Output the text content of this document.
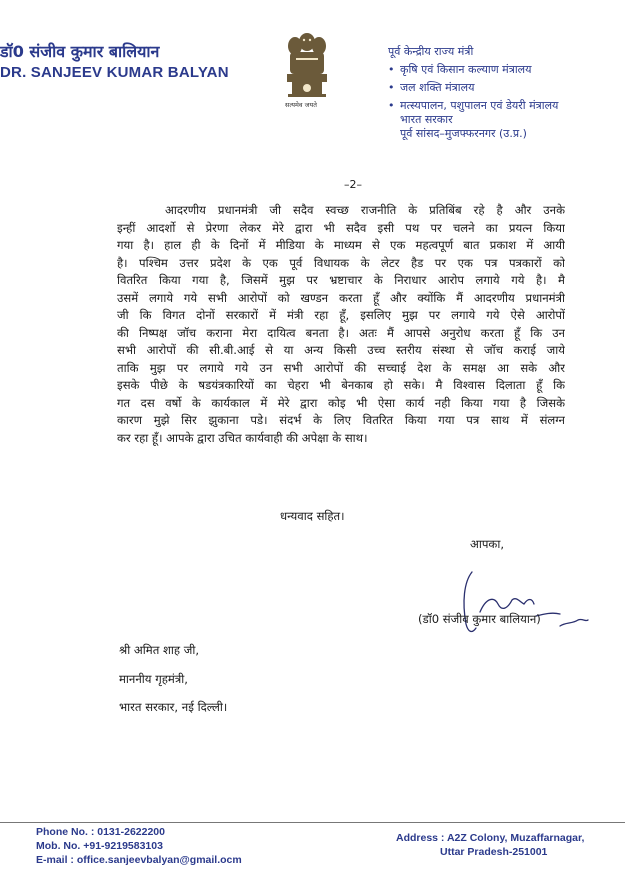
डॉ0 संजीव कुमार बालियान
DR. SANJEEV KUMAR BALYAN
सत्यमेव जयते
पूर्व केन्द्रीय राज्य मंत्री
• कृषि एवं किसान कल्याण मंत्रालय
• जल शक्ति मंत्रालय
• मत्स्यपालन, पशुपालन एवं डेयरी मंत्रालय
भारत सरकार
पूर्व सांसद–मुजफ्फरनगर (उ.प्र.)
–2–
आदरणीय प्रधानमंत्री जी सदैव स्वच्छ राजनीति के प्रतिबिंब रहे है और उनके
इन्हीं आदर्शो से प्रेरणा लेकर मेरे द्वारा भी सदैव इसी पथ पर चलने का प्रयत्न किया
गया है। हाल ही के दिनों में मीडिया के माध्यम से एक महत्वपूर्ण बात प्रकाश में आयी
है। पश्चिम उत्तर प्रदेश के एक पूर्व विधायक के लेटर हैड पर एक पत्र पत्रकारों को
वितरित किया गया है, जिसमें मुझ पर भ्रष्टाचार के निराधार आरोप लगाये गये है। मै
उसमें लगाये गये सभी आरोपों को खण्डन करता हूँ और क्योंकि मैं आदरणीय प्रधानमंत्री
जी कि विगत दोनों सरकारों में मंत्री रहा हूँ, इसलिए मुझ पर लगाये गये ऐसे आरोपों
की निष्पक्ष जॉच कराना मेरा दायित्व बनता है। अतः मैं आपसे अनुरोध करता हूँ कि उन
सभी आरोपों की सी.बी.आई से या अन्य किसी उच्च स्तरीय संस्था से जॉच कराई जाये
ताकि मुझ पर लगाये गये उन सभी आरोपों की सच्चाई देश के समक्ष आ सके और
इसके पीछे के षडयंत्रकारियों का चेहरा भी बेनकाब हो सके। मै विश्वास दिलाता हूँ कि
गत दस वर्षो के कार्यकाल में मेरे द्वारा कोइ भी ऐसा कार्य नही किया गया है जिसके
कारण मुझे सिर झुकाना पडे। संदर्भ के लिए वितरित किया गया पत्र साथ में संलग्न
कर रहा हूँ। आपके द्वारा उचित कार्यवाही की अपेक्षा के साथ।
धन्यवाद सहित।
आपका,
(डॉ0 संजीव कुमार बालियान)
श्री अमित शाह जी,
माननीय गृहमंत्री,
भारत सरकार, नई दिल्ली।
Phone No. : 0131-2622200
Mob. No. +91-9219583103
E-mail : office.sanjeevbalyan@gmail.ocm
Address : A2Z Colony, Muzaffarnagar,
Uttar Pradesh-251001
